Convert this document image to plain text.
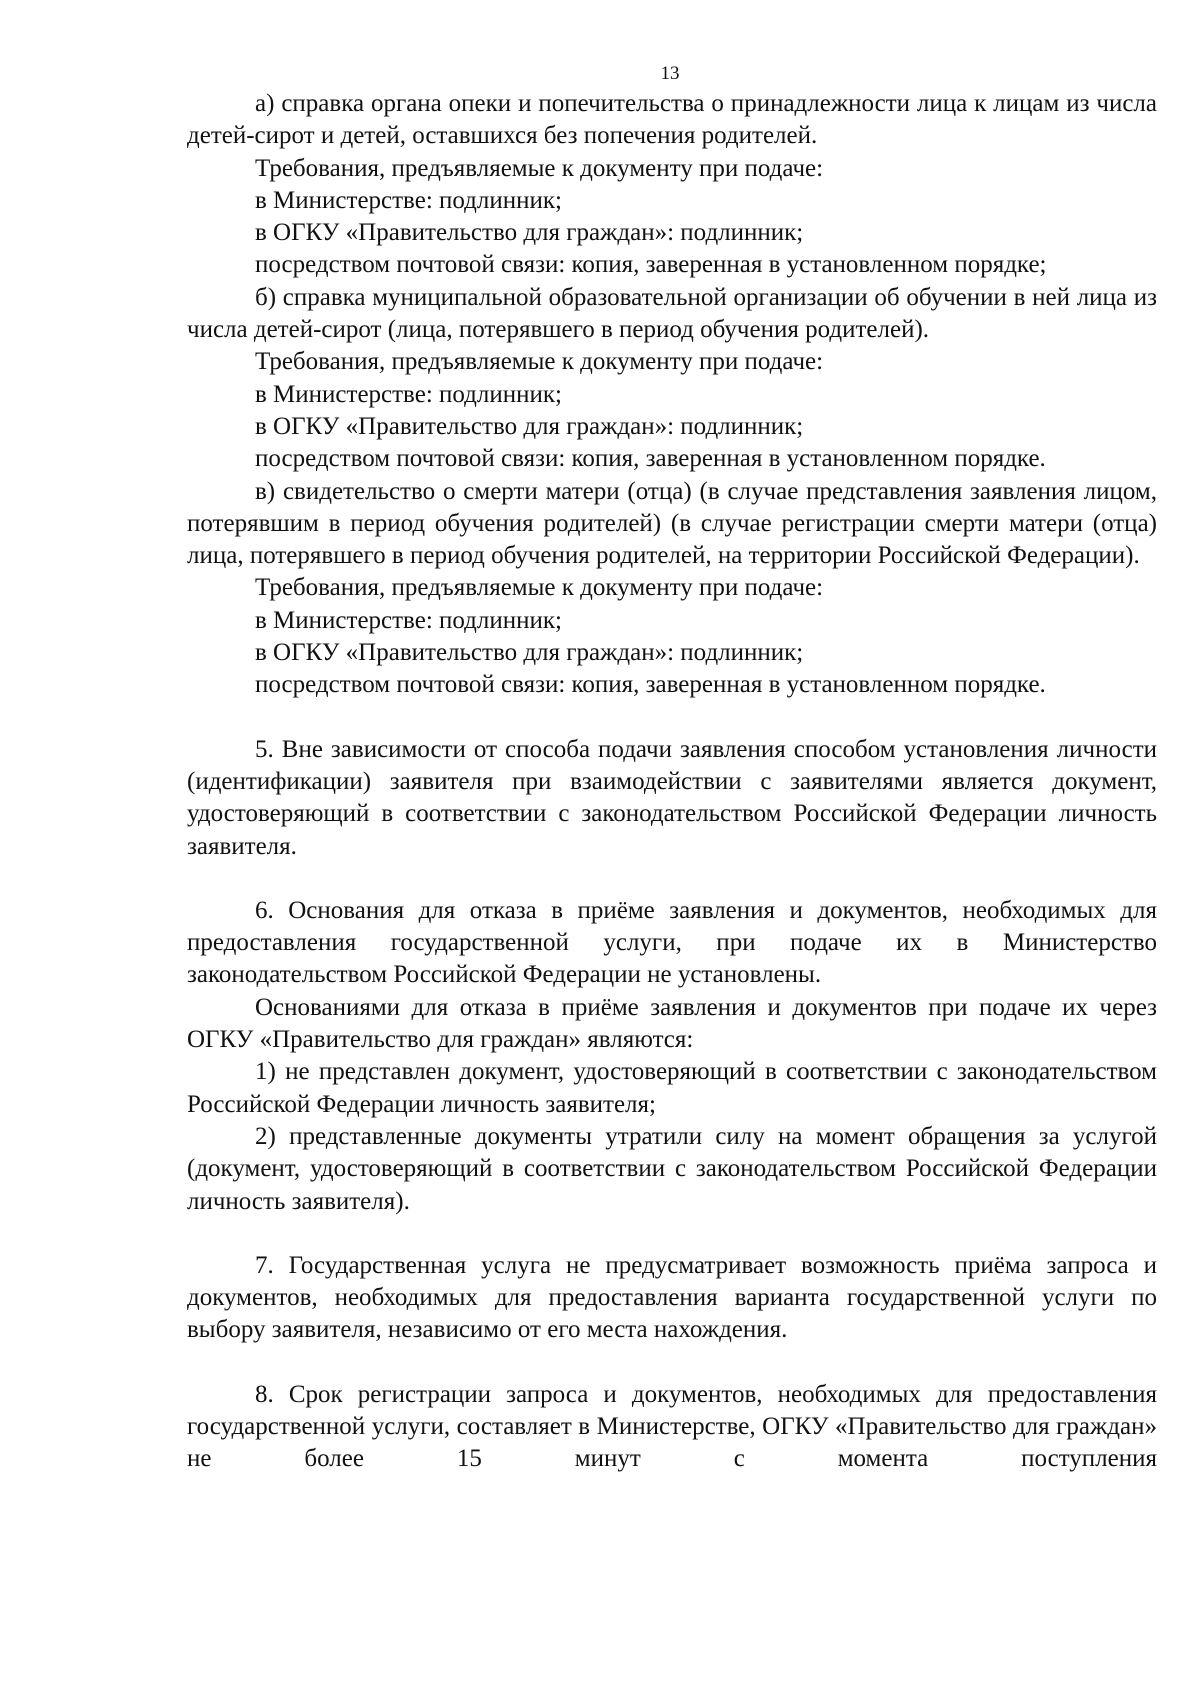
13

а) справка органа опеки и попечительства о принадлежности лица к лицам из числа детей-сирот и детей, оставшихся без попечения родителей.

Требования, предъявляемые к документу при подаче:

в Министерстве: подлинник;

в ОГКУ «Правительство для граждан»: подлинник;

посредством почтовой связи: копия, заверенная в установленном порядке;

б) справка муниципальной образовательной организации об обучении в ней лица из числа детей-сирот (лица, потерявшего в период обучения родителей).

Требования, предъявляемые к документу при подаче:

в Министерстве: подлинник;

в ОГКУ «Правительство для граждан»: подлинник;

посредством почтовой связи: копия, заверенная в установленном порядке.

в) свидетельство о смерти матери (отца) (в случае представления заявления лицом, потерявшим в период обучения родителей) (в случае регистрации смерти матери (отца) лица, потерявшего в период обучения родителей, на территории Российской Федерации).

Требования, предъявляемые к документу при подаче:

в Министерстве: подлинник;

в ОГКУ «Правительство для граждан»: подлинник;

посредством почтовой связи: копия, заверенная в установленном порядке.

5. Вне зависимости от способа подачи заявления способом установления личности (идентификации) заявителя при взаимодействии с заявителями является документ, удостоверяющий в соответствии с законодательством Российской Федерации личность заявителя.

6. Основания для отказа в приёме заявления и документов, необходимых для предоставления государственной услуги, при подаче их в Министерство законодательством Российской Федерации не установлены.

Основаниями для отказа в приёме заявления и документов при подаче их через ОГКУ «Правительство для граждан» являются:

1) не представлен документ, удостоверяющий в соответствии с законодательством Российской Федерации личность заявителя;

2) представленные документы утратили силу на момент обращения за услугой (документ, удостоверяющий в соответствии с законодательством Российской Федерации личность заявителя).

7. Государственная услуга не предусматривает возможность приёма запроса и документов, необходимых для предоставления варианта государственной услуги по выбору заявителя, независимо от его места нахождения.

8. Срок регистрации запроса и документов, необходимых для предоставления государственной услуги, составляет в Министерстве, ОГКУ «Правительство для граждан» не более 15 минут с момента поступления
